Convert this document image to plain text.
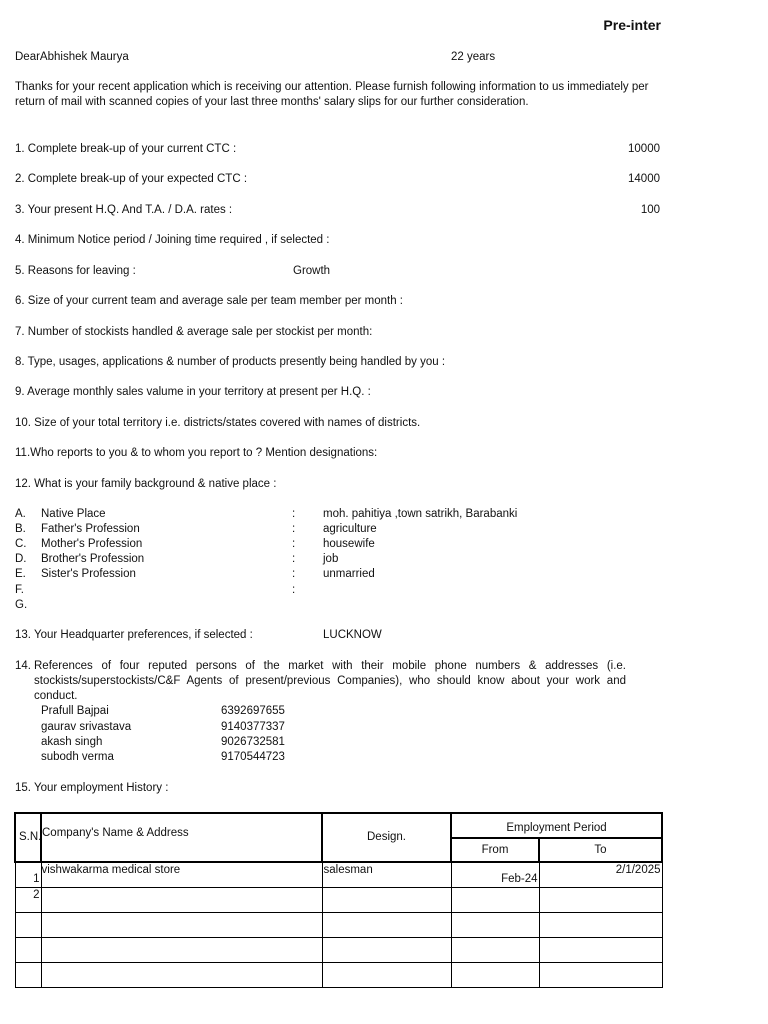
Pre-inter
DearAbhishek Maurya	22 years
Thanks for your recent application which is receiving our attention. Please furnish following information to us immediately per return of mail with scanned copies of your last three months' salary slips for our further consideration.
1. Complete break-up of your current CTC :	10000
2. Complete break-up of your expected CTC :	14000
3. Your present H.Q. And T.A. / D.A. rates :	100
4. Minimum Notice period / Joining time required , if selected :
5. Reasons for leaving :	Growth
6. Size of your current team and average sale per team member per month :
7. Number of stockists handled & average sale per stockist per month:
8. Type, usages, applications & number of products presently being handled by you :
9. Average monthly sales valume in your territory at present per H.Q. :
10. Size of your total territory i.e. districts/states covered with names of districts.
11.Who reports to you & to whom you report to ? Mention designations:
12. What is your family background & native place :
A. Native Place	: moh. pahitiya ,town satrikh, Barabanki
B. Father's Profession	: agriculture
C. Mother's Profession	: housewife
D. Brother's Profession	: job
E. Sister's Profession	: unmarried
F.	:
G.
13. Your Headquarter preferences, if selected :	LUCKNOW
14. References of four reputed persons of the market with their mobile phone numbers & addresses (i.e. stockists/superstockists/C&F Agents of present/previous Companies), who should know about your work and conduct.
Prafull Bajpai	6392697655
gaurav srivastava	9140377337
akash singh	9026732581
subodh verma	9170544723
15. Your employment History :
S.N.	Company's Name & Address	Design.	Employment Period	
			From	To
1	vishwakarma medical store	salesman	Feb-24	2/1/2025
2				
